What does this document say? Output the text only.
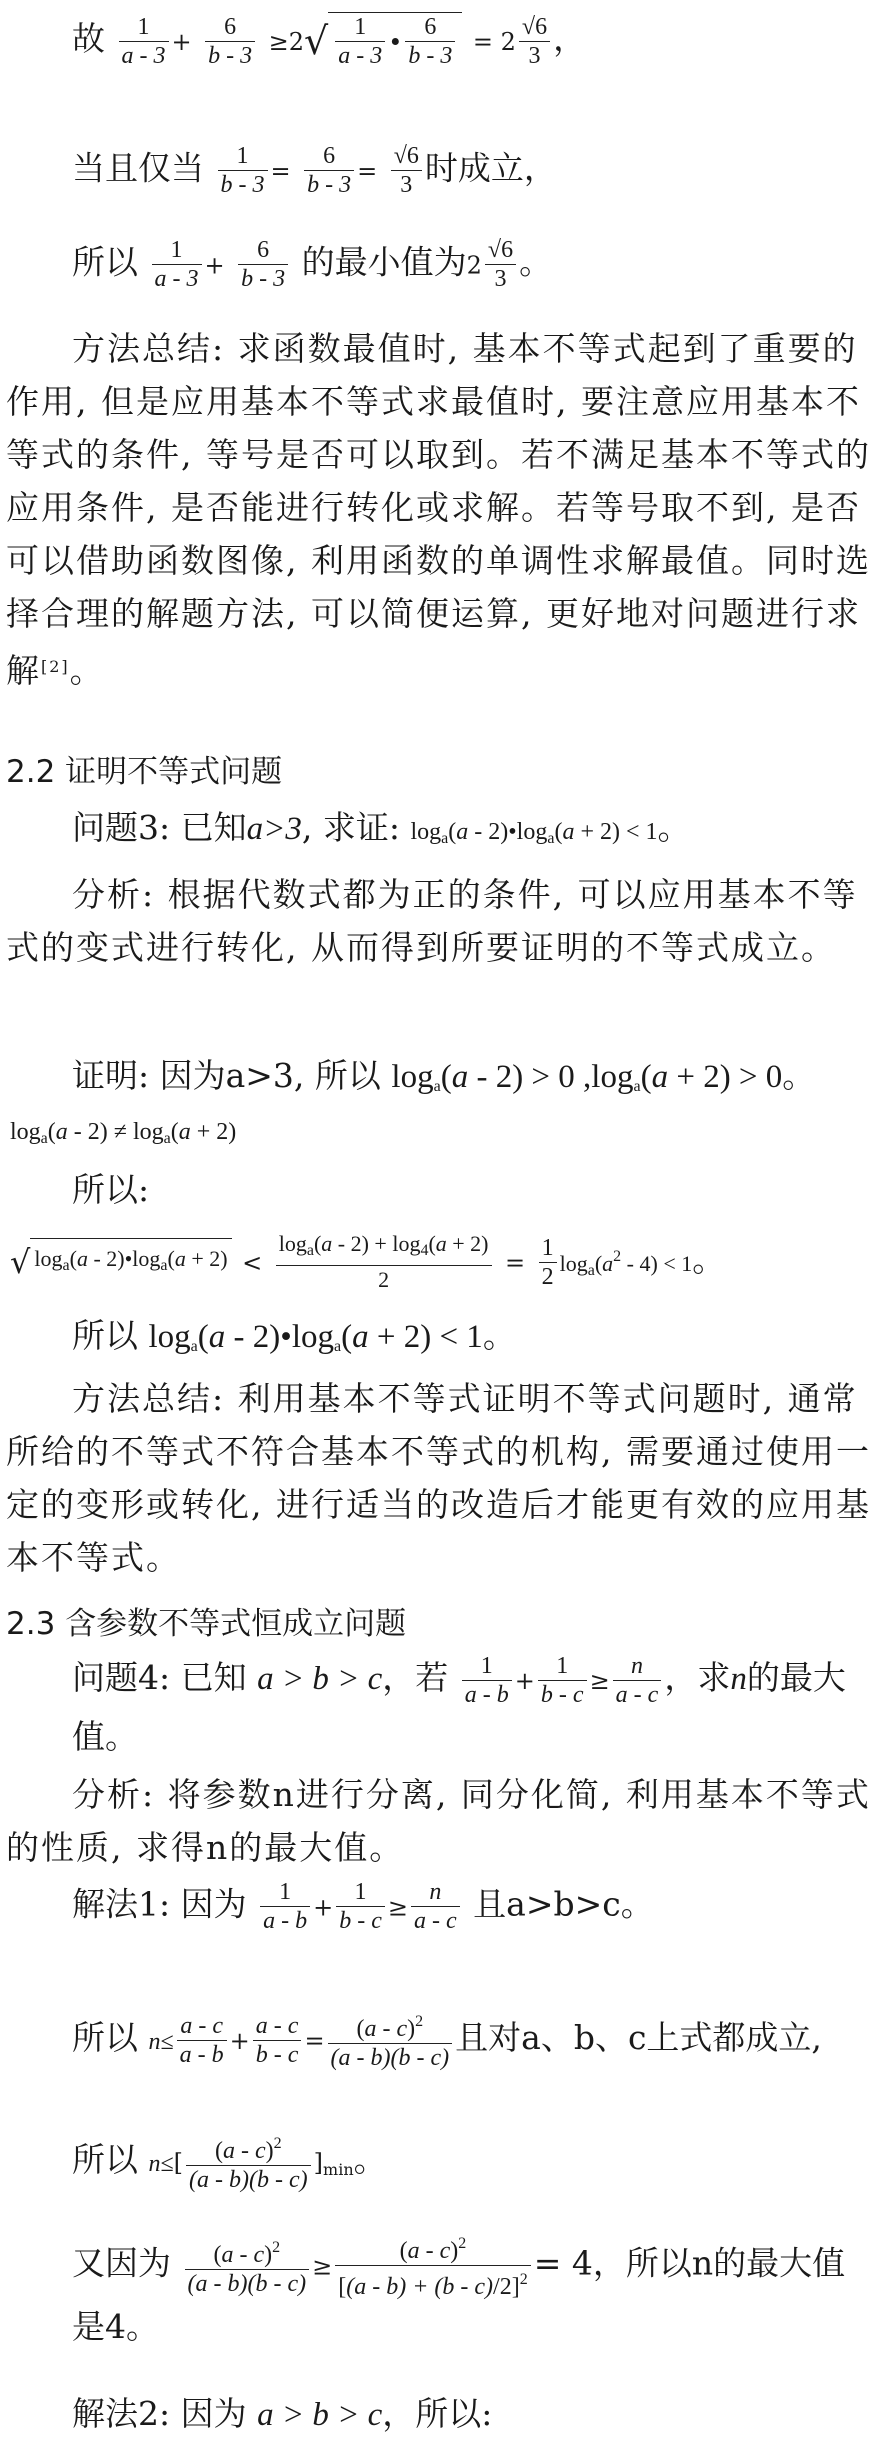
故 $\frac{1}{a - 3} + \frac{6}{b - 3} \ge 2√ \frac{1}{a - 3}$ • $\frac{6}{b - 3} = 2 \frac{√6}{3}$ ，
当且仅当 $\frac{1}{b - 3} = \frac{6}{b - 3} = \frac{√6}{3}$ 时成立，
所以 $\frac{1}{a - 3} + \frac{6}{b - 3}$ 的最小值为$2 \frac{√6}{3}$ 。
方法总结: 求函数最值时, 基本不等式起到了重要的作用, 但是应用基本不等式求最值时, 要注意应用基本不等式的条件, 等号是否可以取到。若不满足基本不等式的应用条件, 是否能进行转化或求解。若等号取不到, 是否可以借助函数图像, 利用函数的单调性求解最值。同时选择合理的解题方法, 可以简便运算, 更好地对问题进行求解[2]。
2.2 证明不等式问题
问题3: 已知a>3, 求证: $\log_a(a$ - $2)•\log_a(a + 2) < 1$。
分析: 根据代数式都为正的条件, 可以应用基本不等式的变式进行转化, 从而得到所要证明的不等式成立。
证明: 因为a>3, 所以 $\log_a(a - 2) > 0$ $,\log_a(a + 2) > 0$。
$\log_a(a - 2) \ne \log_a(a + 2)$
所以:
√ $\log_a(a$ - $2)•\log_a(a + 2) < \frac{\log_a(a - 2) + \log_4(a + 2)}{2} = \frac{1}{2} \log_a(a^2 - 4) < 1$。
所以 $\log_a(a$ - $2)•\log_a(a + 2) < 1$。
方法总结: 利用基本不等式证明不等式问题时, 通常所给的不等式不符合基本不等式的机构, 需要通过使用一定的变形或转化, 进行适当的改造后才能更有效的应用基本不等式。
2.3 含参数不等式恒成立问题
问题4: 已知 a > b > c，若 $\frac{1}{a - b} + \frac{1}{b - c} \ge \frac{n}{a - c}$ ，求n的最大值。
分析: 将参数n进行分离, 同分化简, 利用基本不等式的性质, 求得n的最大值。
解法1: 因为 $\frac{1}{a - b} + \frac{1}{b - c} \ge \frac{n}{a - c}$ 且a>b>c。
所以 $n\le \frac{a - c}{a - b} + \frac{a - c}{b - c} = \frac{(a - c)^2}{(a - b)(b - c)}$ 且对a、b、c上式都成立,
所以 $n\le[ \frac{(a - c)^2}{(a - b)(b - c)} ]_{min}$。
又因为 $\frac{(a - c)^2}{(a - b)(b - c)} \ge \frac{(a - c)^2}{[(a - b) + (b - c)/2]^2} = 4$，所以n的最大值是4。
解法2: 因为 a > b > c，所以:
